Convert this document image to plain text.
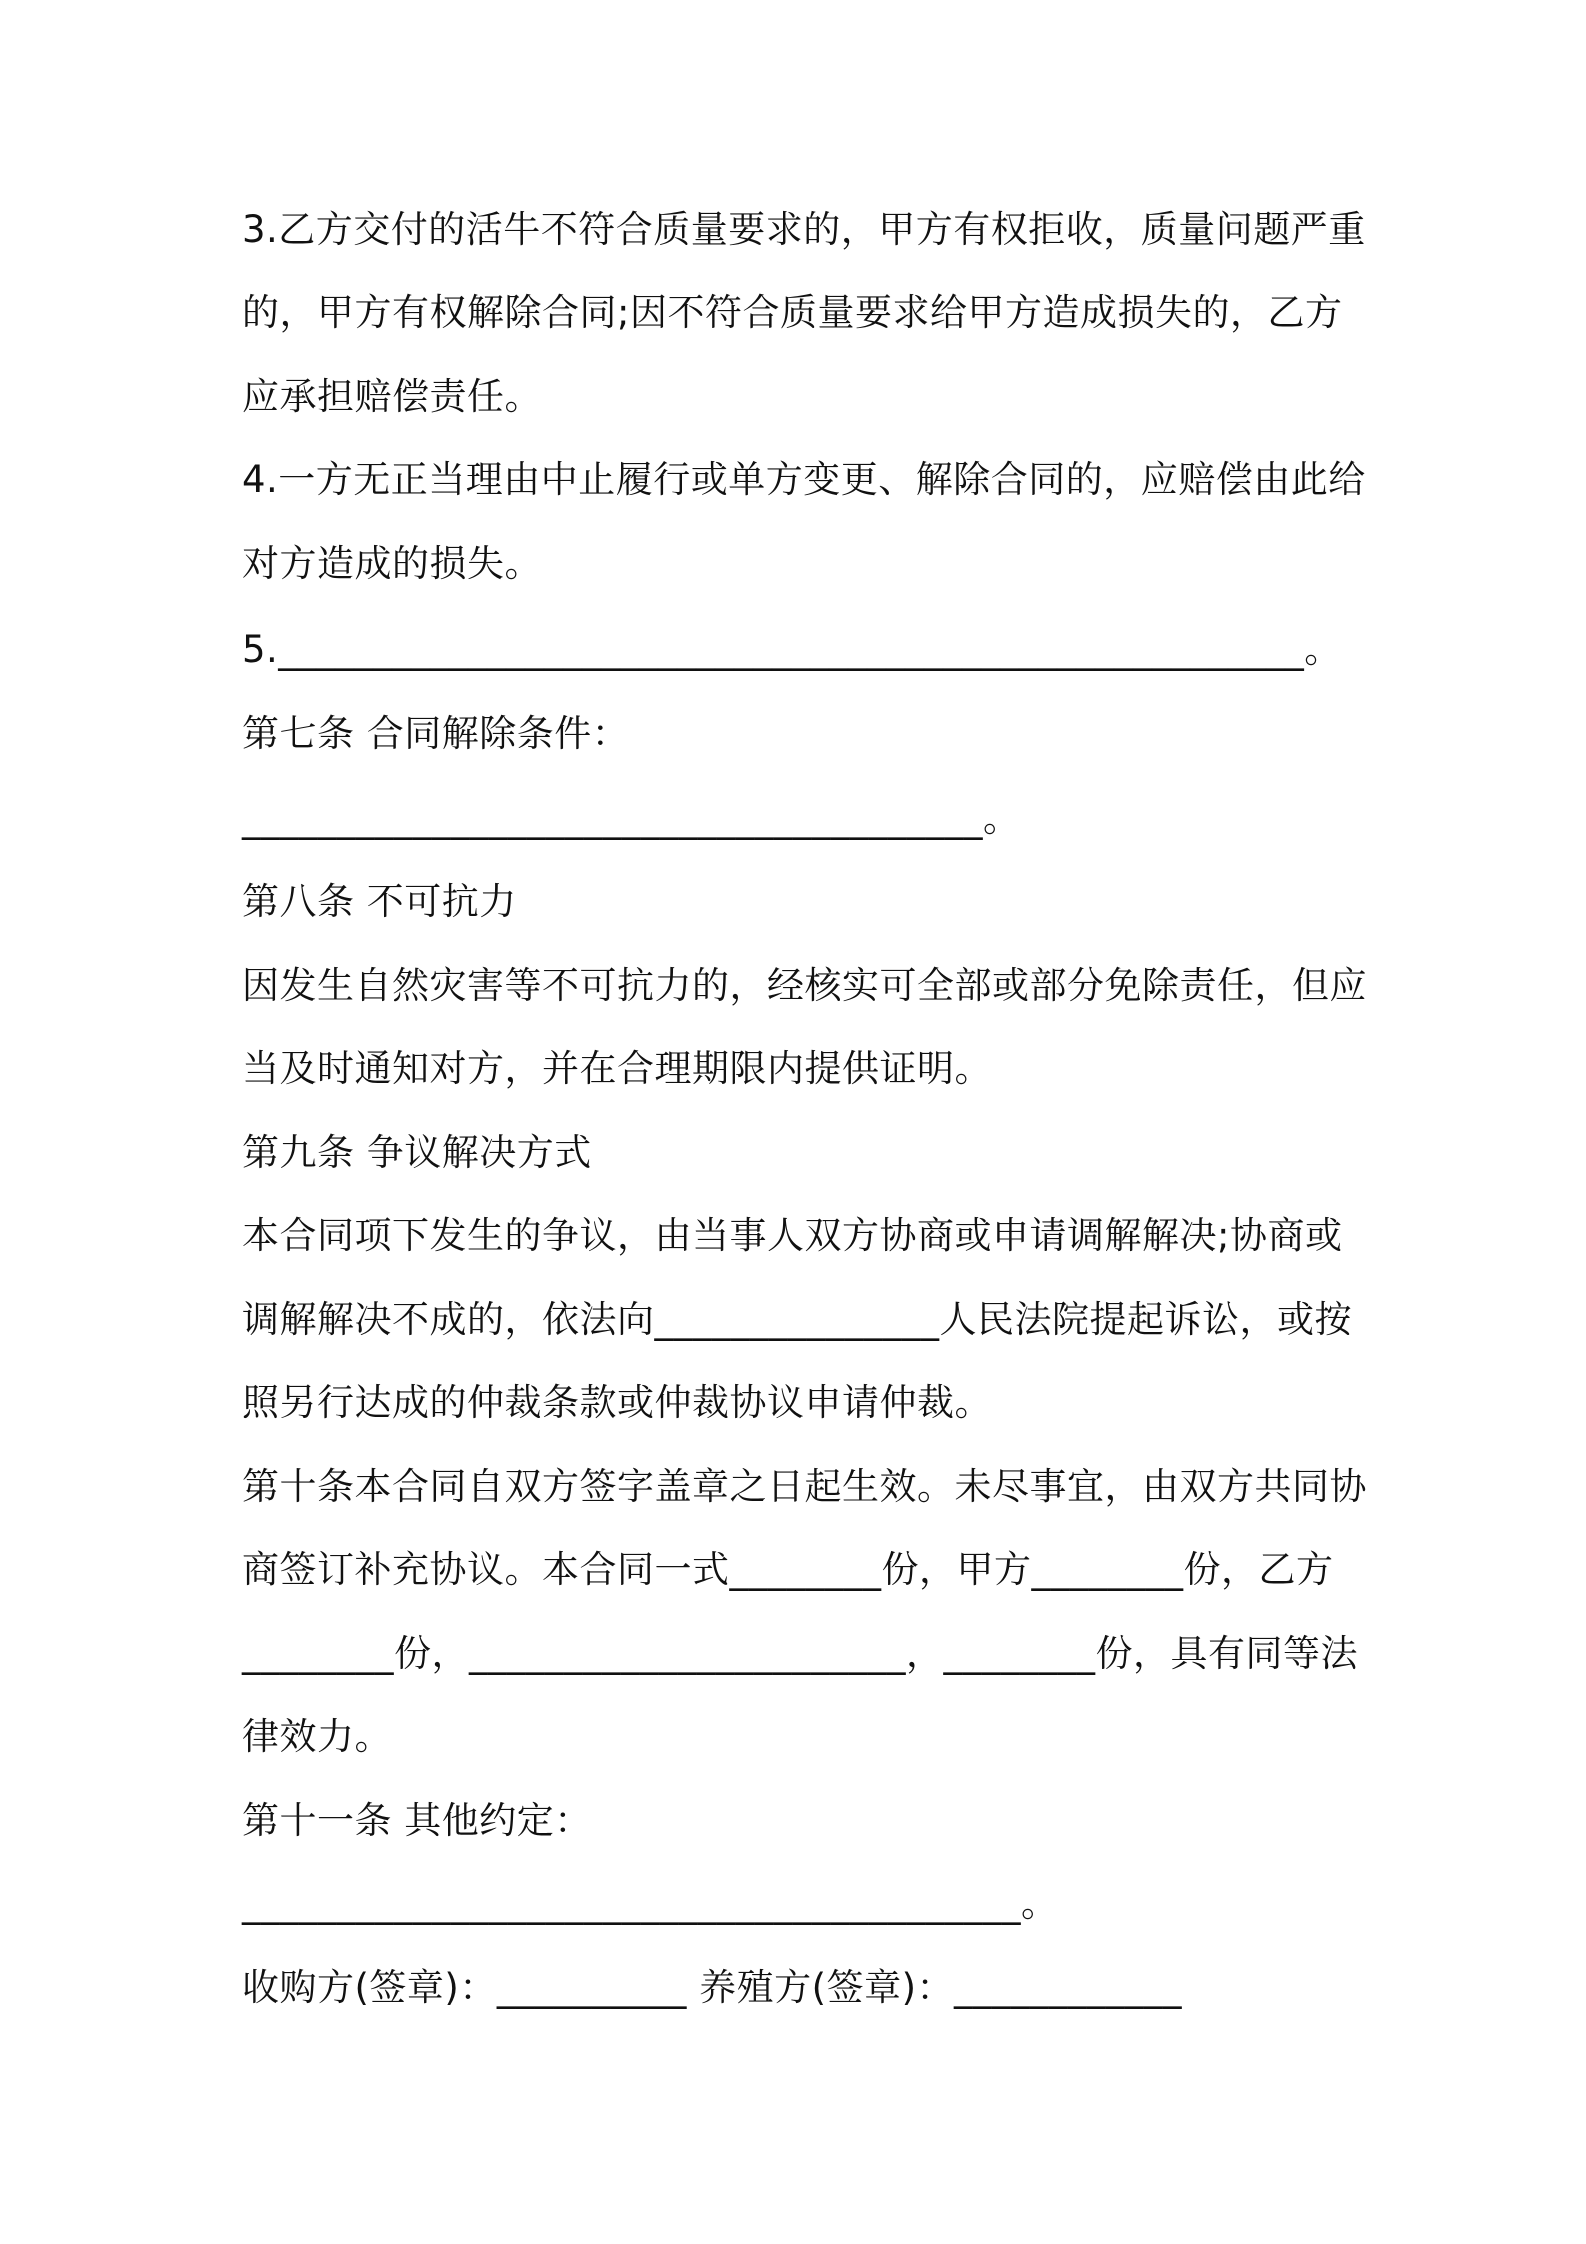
3.乙方交付的活牛不符合质量要求的，甲方有权拒收，质量问题严重
的，甲方有权解除合同;因不符合质量要求给甲方造成损失的，乙方
应承担赔偿责任。
4.一方无正当理由中止履行或单方变更、解除合同的，应赔偿由此给
对方造成的损失。
5.______________________________________________________。
第七条 合同解除条件：
_______________________________________。
第八条 不可抗力
因发生自然灾害等不可抗力的，经核实可全部或部分免除责任，但应
当及时通知对方，并在合理期限内提供证明。
第九条 争议解决方式
本合同项下发生的争议，由当事人双方协商或申请调解解决;协商或
调解解决不成的，依法向_______________人民法院提起诉讼，或按
照另行达成的仲裁条款或仲裁协议申请仲裁。
第十条本合同自双方签字盖章之日起生效。未尽事宜，由双方共同协
商签订补充协议。本合同一式________份，甲方________份，乙方
________份，_______________________，________份，具有同等法
律效力。
第十一条 其他约定：
_________________________________________。
收购方(签章)：__________ 养殖方(签章)：____________
